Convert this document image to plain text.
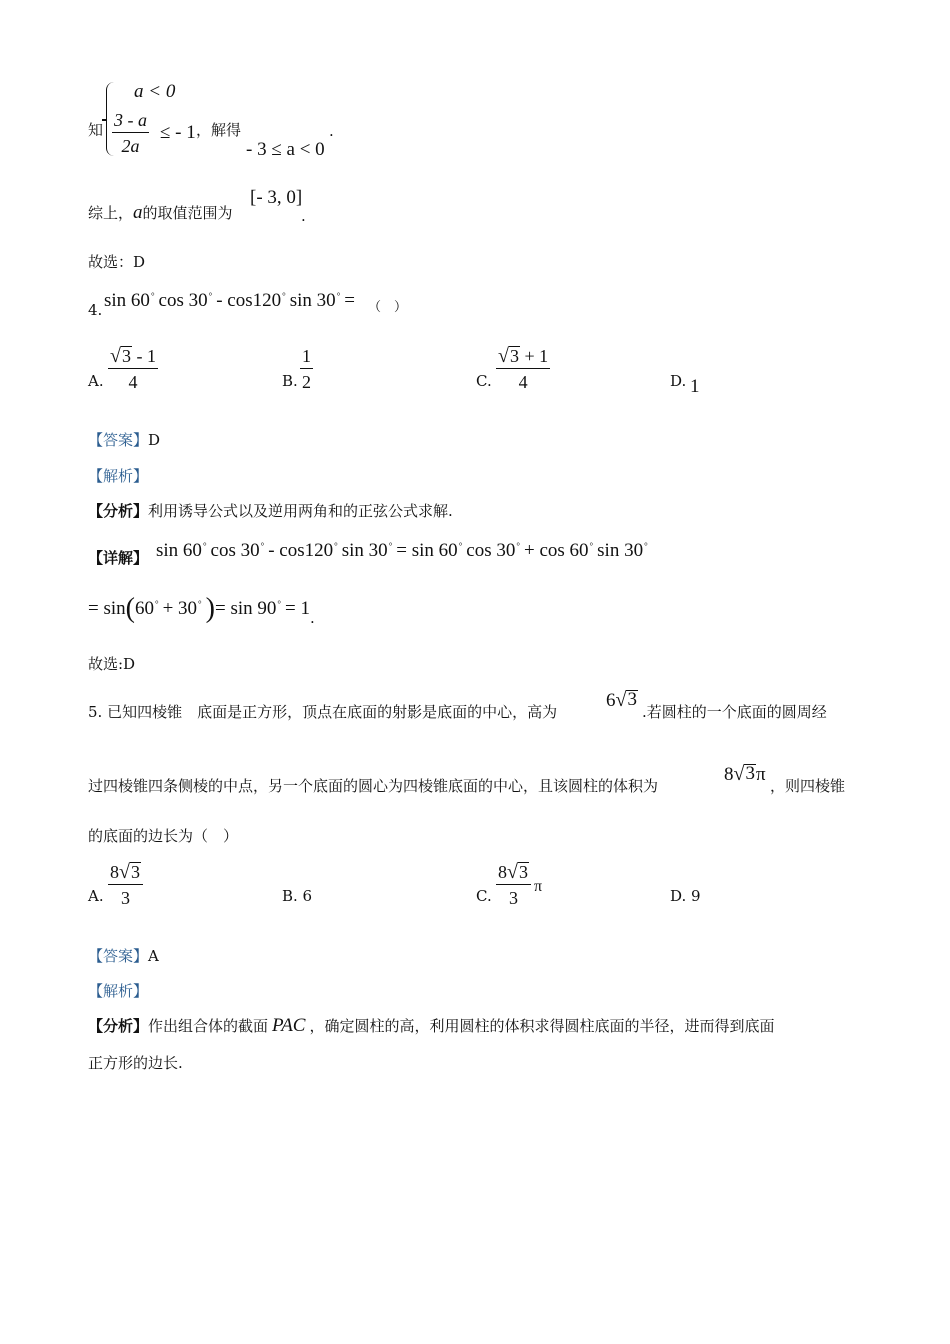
知
a < 0
$\frac{3 - a}{2a}$ ≤ - 1 ，解得
- 3 ≤ a < 0
.
综上，a的取值范围为
[- 3, 0]
.
故选：D
4. sin 60° cos 30° - cos120° sin 30° = （　）
A. $\frac{√ 3 - 1}{4}$	B. $\frac{1}{2}$	C. $\frac{√ 3 + 1}{4}$	D. 1
【答案】D
【解析】
【分析】利用诱导公式以及逆用两角和的正弦公式求解.
【详解】 sin 60° cos 30° - cos120° sin 30° = sin 60° cos 30° + cos 60° sin 30°
= sin(60° + 30° )= sin 90° = 1 .
故选:D
5. 已知四棱锥　底面是正方形，顶点在底面的射影是底面的中心，高为
6 √ 3
.若圆柱的一个底面的圆周经
过四棱锥四条侧棱的中点，另一个底面的圆心为四棱锥底面的中心，且该圆柱的体积为
8 √ 3 π
，则四棱锥
的底面的边长为（　）
A. $\frac{8 √ 3}{3}$	B. 6	C. $\frac{8 √ 3}{3}$ π
D. 9
【答案】A
【解析】
【分析】作出组合体的截面 PAC ，确定圆柱的高，利用圆柱的体积求得圆柱底面的半径，进而得到底面
正方形的边长.
